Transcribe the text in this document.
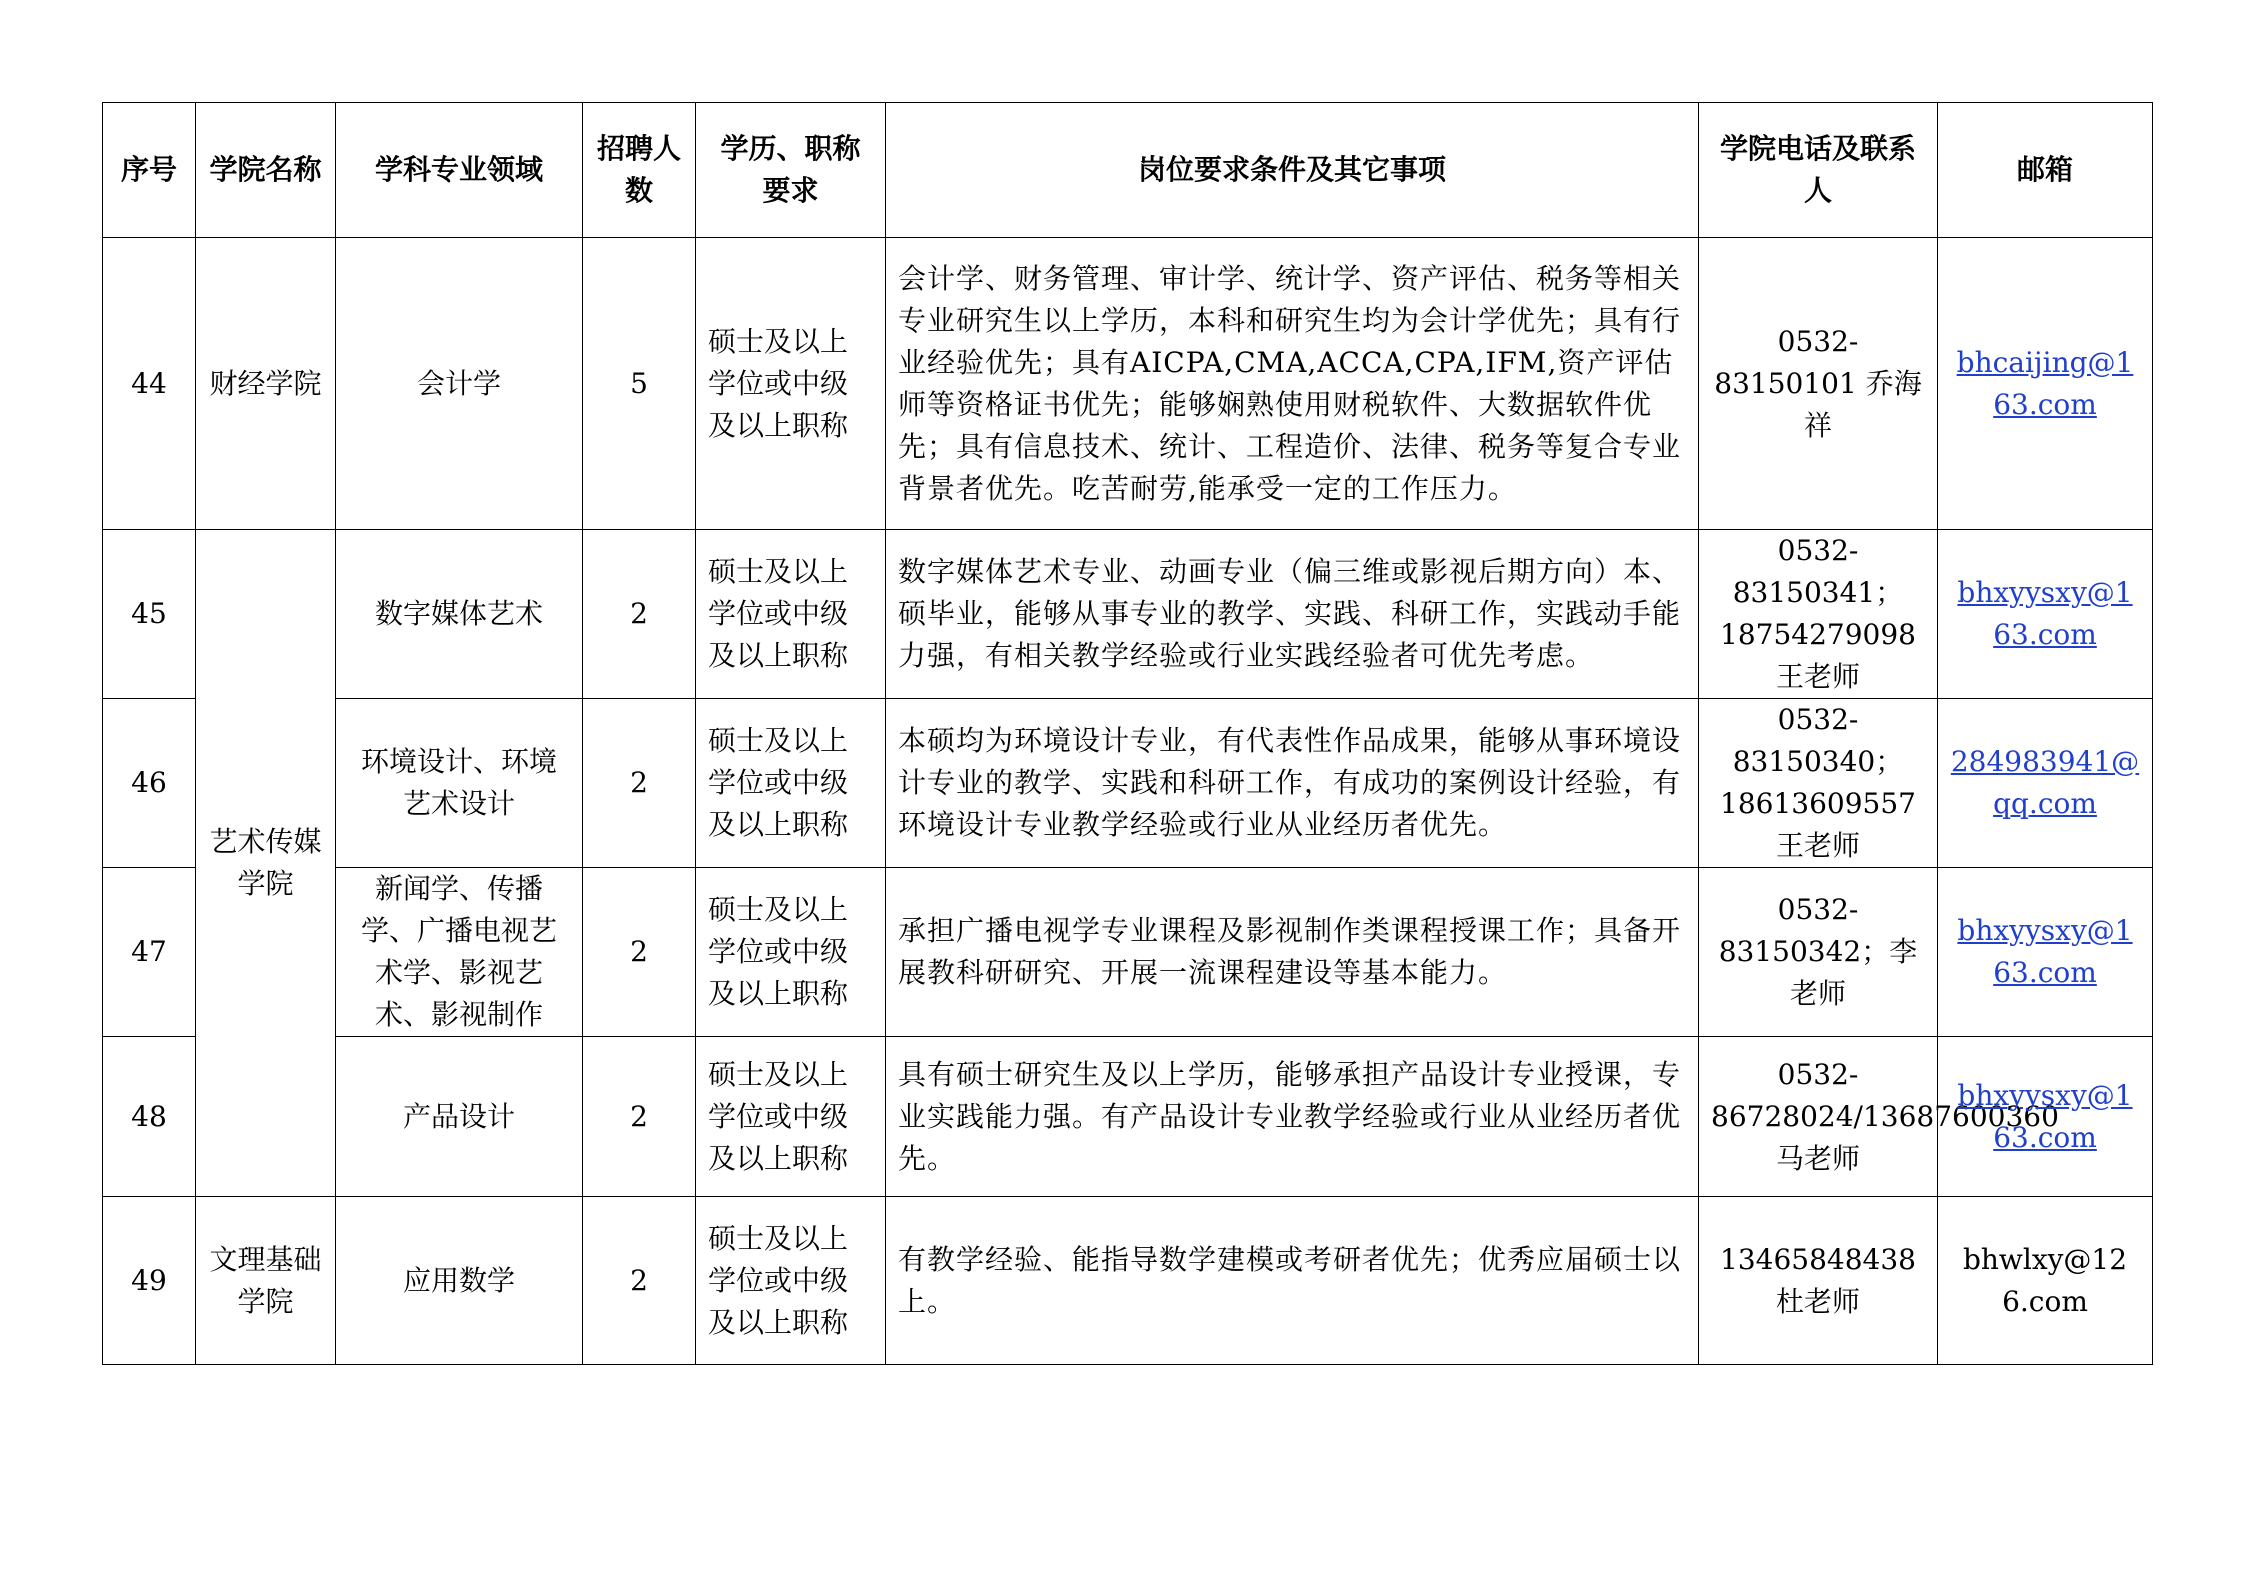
序号	学院名称	学科专业领域	招聘人数	学历、职称要求	岗位要求条件及其它事项	学院电话及联系人	邮箱
44	财经学院	会计学	5	硕士及以上学位或中级及以上职称	会计学、财务管理、审计学、统计学、资产评估、税务等相关专业研究生以上学历，本科和研究生均为会计学优先；具有行业经验优先；具有AICPA,CMA,ACCA,CPA,IFM,资产评估师等资格证书优先；能够娴熟使用财税软件、大数据软件优先；具有信息技术、统计、工程造价、法律、税务等复合专业背景者优先。吃苦耐劳,能承受一定的工作压力。	0532-83150101 乔海祥	bhcaijing@163.com
45	艺术传媒学院	数字媒体艺术	2	硕士及以上学位或中级及以上职称	数字媒体艺术专业、动画专业（偏三维或影视后期方向）本、硕毕业，能够从事专业的教学、实践、科研工作，实践动手能力强，有相关教学经验或行业实践经验者可优先考虑。	0532-83150341；18754279098 王老师	bhxyysxy@163.com
46		环境设计、环境艺术设计	2	硕士及以上学位或中级及以上职称	本硕均为环境设计专业，有代表性作品成果，能够从事环境设计专业的教学、实践和科研工作，有成功的案例设计经验，有环境设计专业教学经验或行业从业经历者优先。	0532-83150340；18613609557 王老师	284983941@qq.com
47		新闻学、传播学、广播电视艺术学、影视艺术、影视制作	2	硕士及以上学位或中级及以上职称	承担广播电视学专业课程及影视制作类课程授课工作；具备开展教科研研究、开展一流课程建设等基本能力。	0532-83150342；李老师	bhxyysxy@163.com
48		产品设计	2	硕士及以上学位或中级及以上职称	具有硕士研究生及以上学历，能够承担产品设计专业授课，专业实践能力强。有产品设计专业教学经验或行业从业经历者优先。	0532-86728024/13687600360 马老师	bhxyysxy@163.com
49	文理基础学院	应用数学	2	硕士及以上学位或中级及以上职称	有教学经验、能指导数学建模或考研者优先；优秀应届硕士以上。	13465848438 杜老师	bhwlxy@126.com
